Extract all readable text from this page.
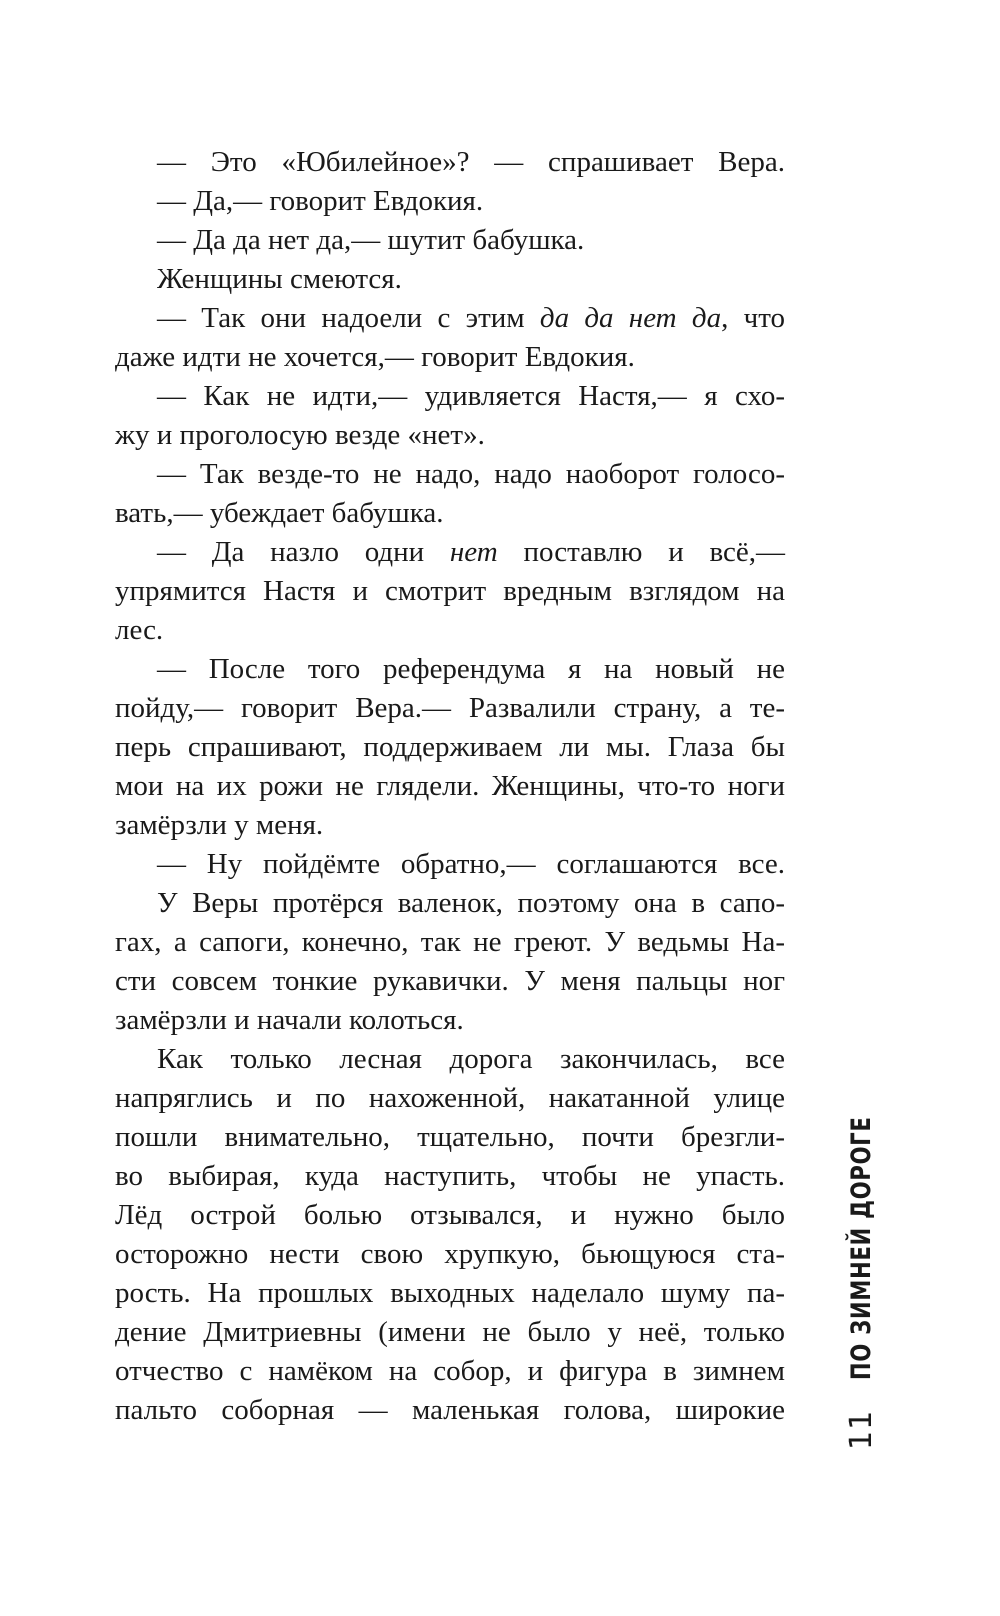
— Это «Юбилейное»? — спрашивает Вера.
— Да,— говорит Евдокия.
— Да да нет да,— шутит бабушка.
Женщины смеются.
— Так они надоели с этим да да нет да, что
даже идти не хочется,— говорит Евдокия.
— Как не идти,— удивляется Настя,— я схо-
жу и проголосую везде «нет».
— Так везде-то не надо, надо наоборот голосо-
вать,— убеждает бабушка.
— Да назло одни нет поставлю и всё,—
упрямится Настя и смотрит вредным взглядом на
лес.
— После того референдума я на новый не
пойду,— говорит Вера.— Развалили страну, а те-
перь спрашивают, поддерживаем ли мы. Глаза бы
мои на их рожи не глядели. Женщины, что-то ноги
замёрзли у меня.
— Ну пойдёмте обратно,— соглашаются все.
У Веры протёрся валенок, поэтому она в сапо-
гах, а сапоги, конечно, так не греют. У ведьмы На-
сти совсем тонкие рукавички. У меня пальцы ног
замёрзли и начали колоться.
Как только лесная дорога закончилась, все
напряглись и по нахоженной, накатанной улице
пошли внимательно, тщательно, почти брезгли-
во выбирая, куда наступить, чтобы не упасть.
Лёд острой болью отзывался, и нужно было
осторожно нести свою хрупкую, бьющуюся ста-
рость. На прошлых выходных наделало шуму па-
дение Дмитриевны (имени не было у неё, только
отчество с намёком на собор, и фигура в зимнем
пальто соборная — маленькая голова, широкие 11
ПО ЗИМНЕЙ ДОРОГЕ
